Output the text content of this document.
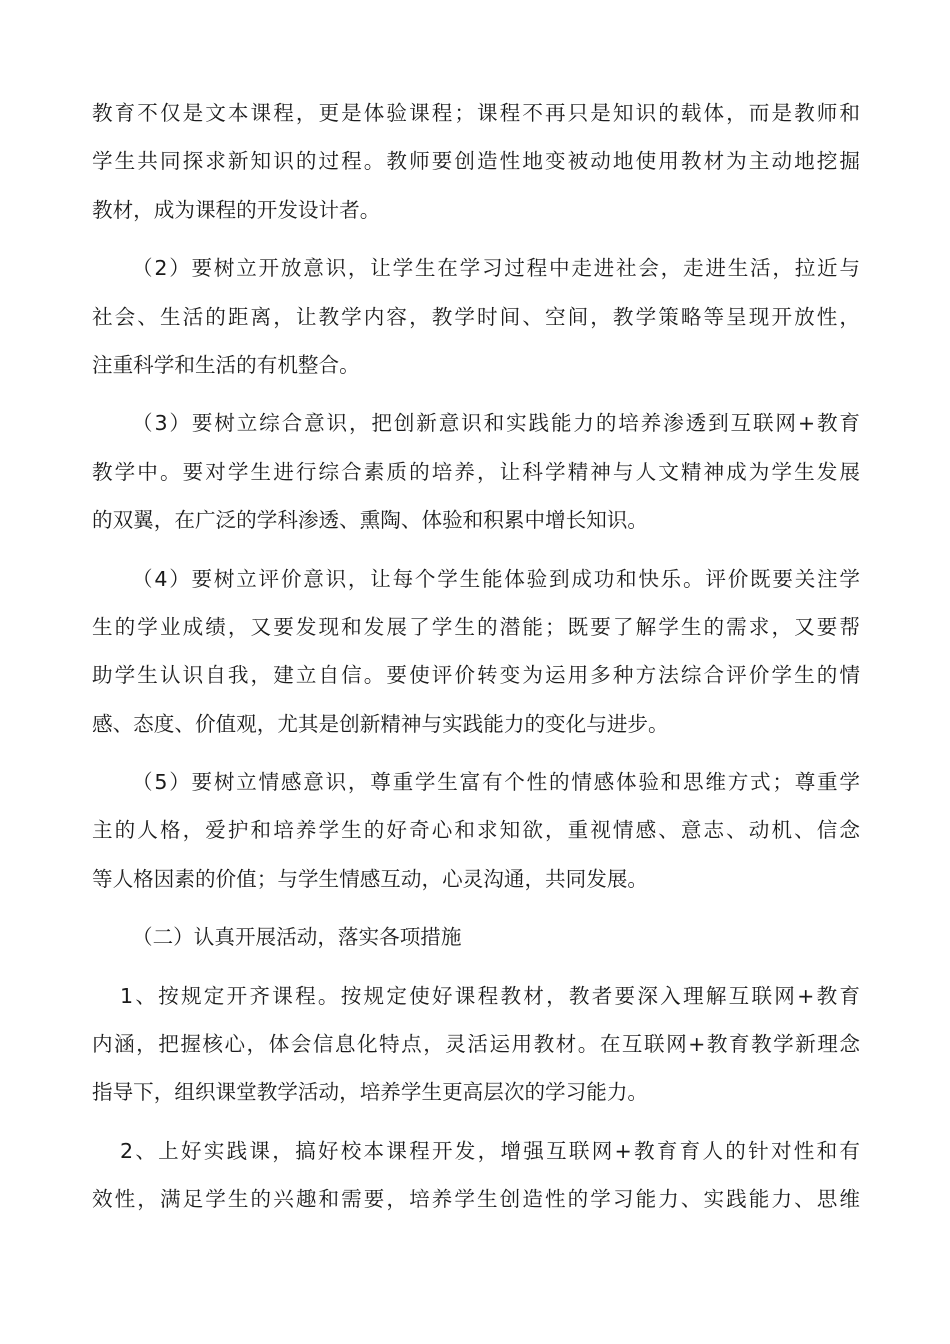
教育不仅是文本课程，更是体验课程；课程不再只是知识的载体，而是教师和
学生共同探求新知识的过程。教师要创造性地变被动地使用教材为主动地挖掘
教材，成为课程的开发设计者。
（2）要树立开放意识，让学生在学习过程中走进社会，走进生活，拉近与
社会、生活的距离，让教学内容，教学时间、空间，教学策略等呈现开放性，
注重科学和生活的有机整合。
（3）要树立综合意识，把创新意识和实践能力的培养渗透到互联网+教育
教学中。要对学生进行综合素质的培养，让科学精神与人文精神成为学生发展
的双翼，在广泛的学科渗透、熏陶、体验和积累中增长知识。
（4）要树立评价意识，让每个学生能体验到成功和快乐。评价既要关注学
生的学业成绩，又要发现和发展了学生的潜能；既要了解学生的需求，又要帮
助学生认识自我，建立自信。要使评价转变为运用多种方法综合评价学生的情
感、态度、价值观，尤其是创新精神与实践能力的变化与进步。
（5）要树立情感意识，尊重学生富有个性的情感体验和思维方式；尊重学
主的人格，爱护和培养学生的好奇心和求知欲，重视情感、意志、动机、信念
等人格因素的价值；与学生情感互动，心灵沟通，共同发展。
（二）认真开展活动，落实各项措施
1、按规定开齐课程。按规定使好课程教材，教者要深入理解互联网+教育
内涵，把握核心，体会信息化特点，灵活运用教材。在互联网+教育教学新理念
指导下，组织课堂教学活动，培养学生更高层次的学习能力。
2、上好实践课，搞好校本课程开发，增强互联网+教育育人的针对性和有
效性，满足学生的兴趣和需要，培养学生创造性的学习能力、实践能力、思维
